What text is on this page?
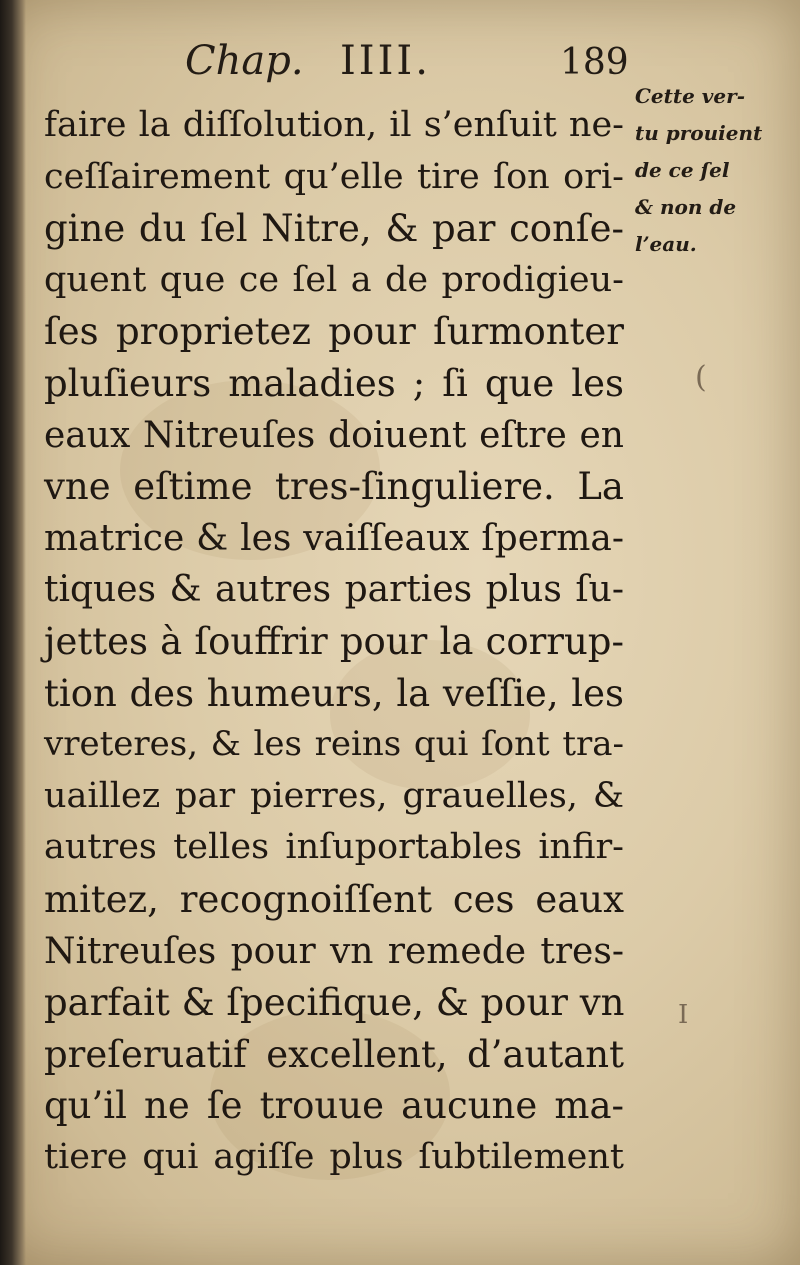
Chap. IIII.	189
faire la diſſolution, il s’enſuit ne-
ceſſairement qu’elle tire ſon ori-
gine du ſel Nitre, & par conſe-
quent que ce ſel a de prodigieu-
ſes proprietez pour ſurmonter
pluſieurs maladies ; ſi que les
eaux Nitreuſes doiuent eſtre en
vne eſtime tres-ſinguliere. La
matrice & les vaiſſeaux ſperma-
tiques & autres parties plus ſu-
jettes à ſouffrir pour la corrup-
tion des humeurs, la veſſie, les
vreteres, & les reins qui ſont tra-
uaillez par pierres, grauelles, &
autres telles inſuportables infir-
mitez, recognoiſſent ces eaux
Nitreuſes pour vn remede tres-
parfait & ſpecifique, & pour vn
preſeruatif excellent, d’autant
qu’il ne ſe trouue aucune ma-
tiere qui agiſſe plus ſubtilement
Cette ver-
tu prouient
de ce ſel
& non de
l’eau.
(
I
